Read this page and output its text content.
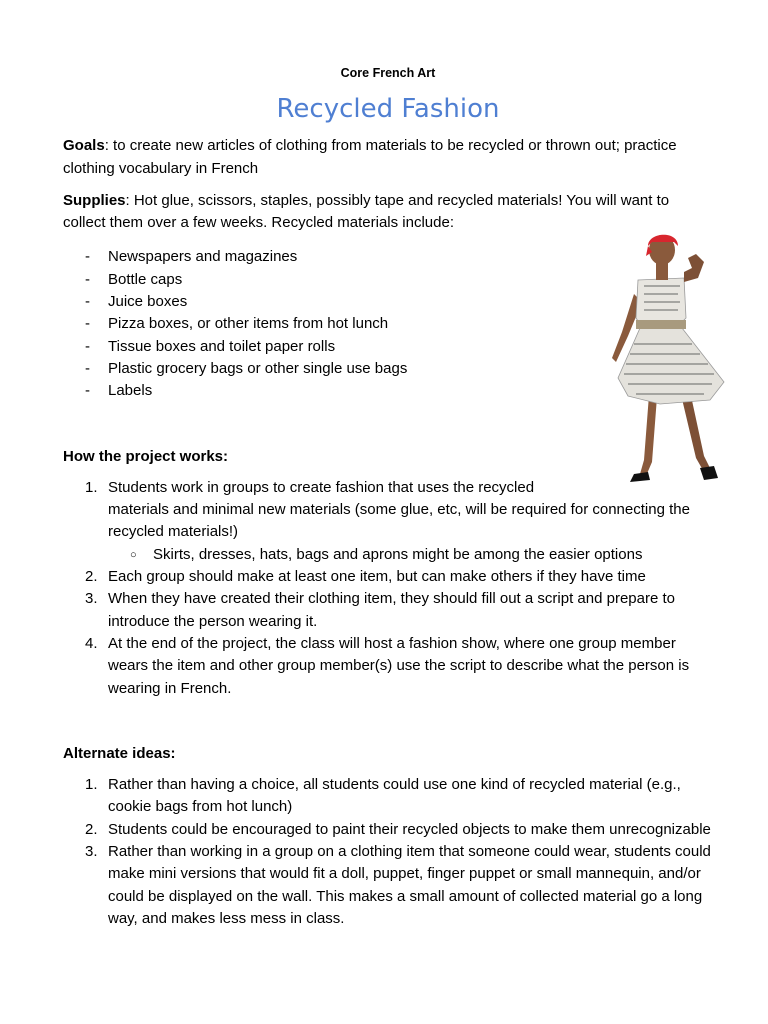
Core French Art
Recycled Fashion

Goals: to create new articles of clothing from materials to be recycled or thrown out; practice clothing vocabulary in French

Supplies: Hot glue, scissors, staples, possibly tape and recycled materials! You will want to collect them over a few weeks. Recycled materials include:

- Newspapers and magazines
- Bottle caps
- Juice boxes
- Pizza boxes, or other items from hot lunch
- Tissue boxes and toilet paper rolls
- Plastic grocery bags or other single use bags
- Labels
How the project works:
1. Students work in groups to create fashion that uses the recycled
materials and minimal new materials (some glue, etc, will be required for connecting the recycled materials!)
○ Skirts, dresses, hats, bags and aprons might be among the easier options
2. Each group should make at least one item, but can make others if they have time
3. When they have created their clothing item, they should fill out a script and prepare to introduce the person wearing it.
4. At the end of the project, the class will host a fashion show, where one group member wears the item and other group member(s) use the script to describe what the person is wearing in French.
Alternate ideas:
1. Rather than having a choice, all students could use one kind of recycled material (e.g., cookie bags from hot lunch)
2. Students could be encouraged to paint their recycled objects to make them unrecognizable
3. Rather than working in a group on a clothing item that someone could wear, students could make mini versions that would fit a doll, puppet, finger puppet or small mannequin, and/or could be displayed on the wall. This makes a small amount of collected material go a long way, and makes less mess in class.
